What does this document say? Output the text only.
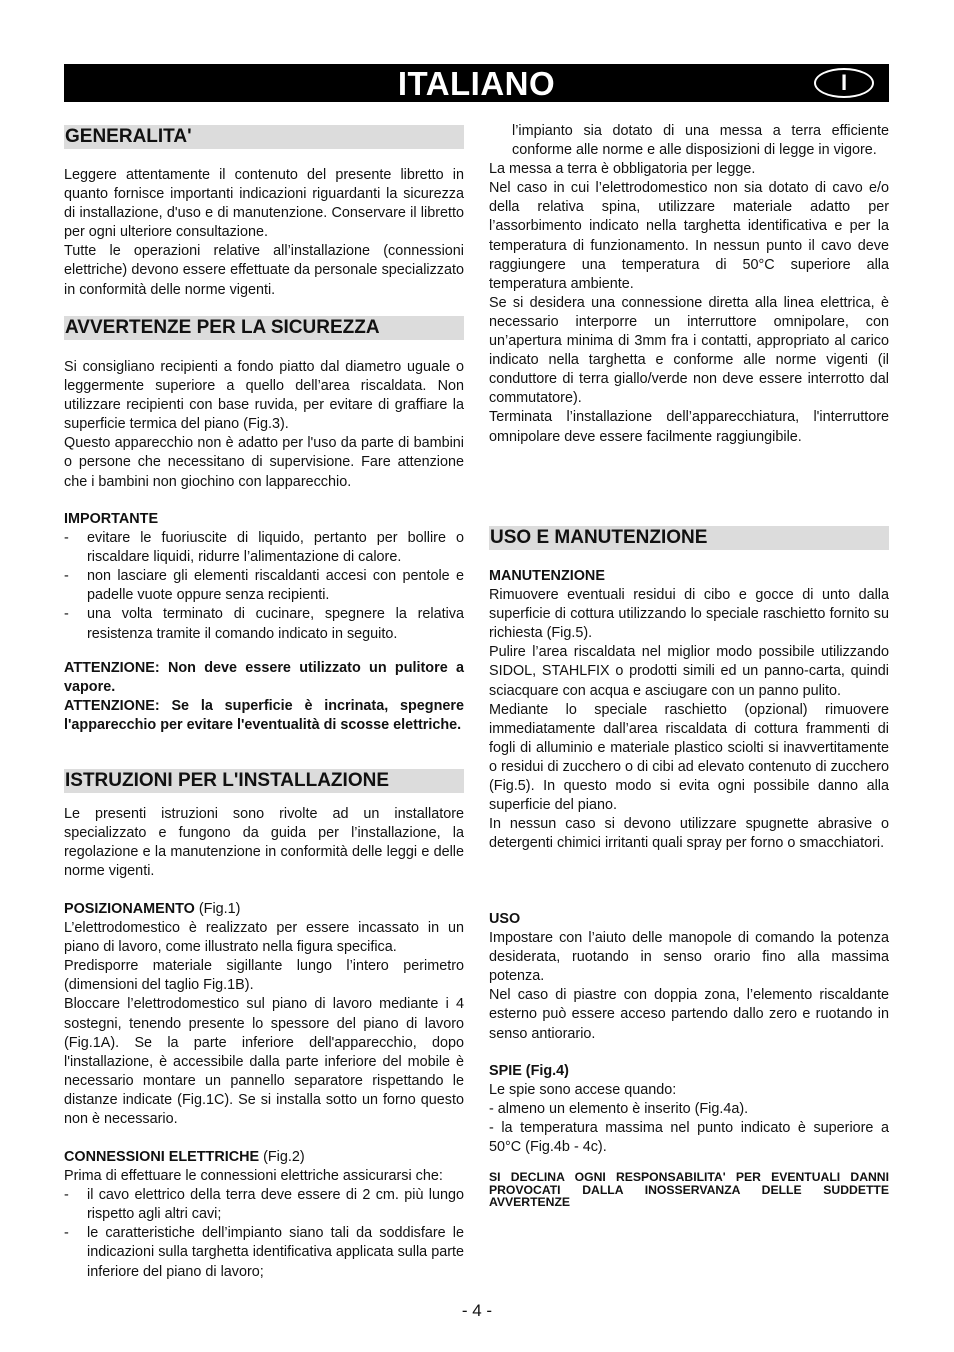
ITALIANO	I
GENERALITA'

Leggere attentamente il contenuto del presente libretto in quanto fornisce importanti indicazioni riguardanti la sicurezza di installazione, d'uso e di manutenzione. Conservare il libretto per ogni ulteriore consultazione.

Tutte le operazioni relative all’installazione (connessioni elettriche) devono essere effettuate da personale specializzato in conformità delle norme vigenti.

AVVERTENZE PER LA SICUREZZA

Si consigliano recipienti a fondo piatto dal diametro uguale o leggermente superiore a quello dell’area riscaldata. Non utilizzare recipienti con base ruvida, per evitare di graffiare la superficie termica del piano (Fig.3).

Questo apparecchio non è adatto per l'uso da parte di bambini o persone che necessitano di supervisione. Fare attenzione che i bambini non giochino con lapparecchio.

IMPORTANTE

- evitare le fuoriuscite di liquido, pertanto per bollire o riscaldare liquidi, ridurre l’alimentazione di calore.
- non lasciare gli elementi riscaldanti accesi con pentole e padelle vuote oppure senza recipienti.
- una volta terminato di cucinare, spegnere la relativa resistenza tramite il comando indicato in seguito.

ATTENZIONE: Non deve essere utilizzato un pulitore a vapore.

ATTENZIONE: Se la superficie è incrinata, spegnere l'apparecchio per evitare l'eventualità di scosse elettriche.

ISTRUZIONI PER L'INSTALLAZIONE

Le presenti istruzioni sono rivolte ad un installatore specializzato e fungono da guida per l’installazione, la regolazione e la manutenzione in conformità delle leggi e delle norme vigenti.

POSIZIONAMENTO (Fig.1)

L’elettrodomestico è realizzato per essere incassato in un piano di lavoro, come illustrato nella figura specifica.

Predisporre materiale sigillante lungo l’intero perimetro (dimensioni del taglio Fig.1B).

Bloccare l’elettrodomestico sul piano di lavoro mediante i 4 sostegni, tenendo presente lo spessore del piano di lavoro (Fig.1A). Se la parte inferiore dell'apparecchio, dopo l'installazione, è accessibile dalla parte inferiore del mobile è necessario montare un pannello separatore rispettando le distanze indicate (Fig.1C). Se si installa sotto un forno questo non è necessario.

CONNESSIONI ELETTRICHE (Fig.2)

Prima di effettuare le connessioni elettriche assicurarsi che:

- il cavo elettrico della terra deve essere di 2 cm. più lungo rispetto agli altri cavi;
- le caratteristiche dell’impianto siano tali da soddisfare le indicazioni sulla targhetta identificativa applicata sulla parte inferiore del piano di lavoro;
l’impianto sia dotato di una messa a terra efficiente conforme alle norme e alle disposizioni di legge in vigore.

La messa a terra è obbligatoria per legge.

Nel caso in cui l’elettrodomestico non sia dotato di cavo e/o della relativa spina, utilizzare materiale adatto per l’assorbimento indicato nella targhetta identificativa e per la temperatura di funzionamento. In nessun punto il cavo deve raggiungere una temperatura di 50°C superiore alla temperatura ambiente.

Se si desidera una connessione diretta alla linea elettrica, è necessario interporre un interruttore omnipolare, con un’apertura minima di 3mm fra i contatti, appropriato al carico indicato nella targhetta e conforme alle norme vigenti (il conduttore di terra giallo/verde non deve essere interrotto dal commutatore).

Terminata l’installazione dell’apparecchiatura, l'interruttore omnipolare deve essere facilmente raggiungibile.

USO E MANUTENZIONE

MANUTENZIONE

Rimuovere eventuali residui di cibo e gocce di unto dalla superficie di cottura utilizzando lo speciale raschietto fornito su richiesta (Fig.5).

Pulire l’area riscaldata nel miglior modo possibile utilizzando SIDOL, STAHLFIX o prodotti simili ed un panno-carta, quindi sciacquare con acqua e asciugare con un panno pulito.

Mediante lo speciale raschietto (opzional) rimuovere immediatamente dall’area riscaldata di cottura frammenti di fogli di alluminio e materiale plastico sciolti si inavvertitamente o residui di zucchero o di cibi ad elevato contenuto di zucchero (Fig.5). In questo modo si evita ogni possibile danno alla superficie del piano.

In nessun caso si devono utilizzare spugnette abrasive o detergenti chimici irritanti quali spray per forno o smacchiatori.

USO

Impostare con l’aiuto delle manopole di comando la potenza desiderata, ruotando in senso orario fino alla massima potenza.

Nel caso di piastre con doppia zona, l’elemento riscaldante esterno può essere acceso partendo dallo zero e ruotando in senso antiorario.

SPIE (Fig.4)

Le spie sono accese quando:

- almeno un elemento è inserito (Fig.4a).

- la temperatura massima nel punto indicato è superiore a 50°C (Fig.4b - 4c).

SI DECLINA OGNI RESPONSABILITA' PER EVENTUALI DANNI PROVOCATI DALLA INOSSERVANZA DELLE SUDDETTE AVVERTENZE
- 4 -
